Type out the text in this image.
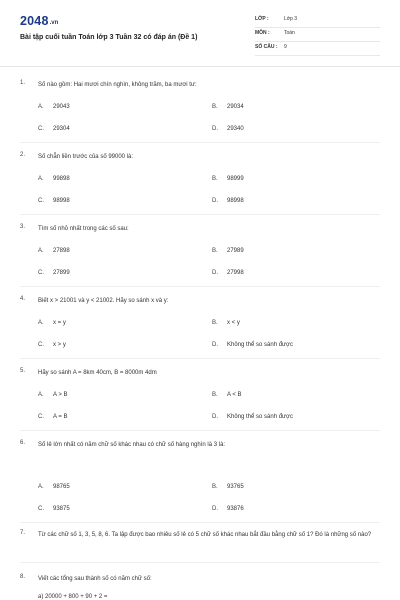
2048.vn
Bài tập cuối tuần Toán lớp 3 Tuần 32 có đáp án (Đề 1)
LỚP :	Lớp 3
MÔN :	Toán
SỐ CÂU : 9
1. Số nào gồm: Hai mươi chín nghìn, không trăm, ba mươi tư:
A. 29043	B. 29034
C. 29304	D. 29340
2. Số chẵn liền trước của số 99000 là:
A. 99898	B. 98999
C. 98998	D. 98998
3. Tìm số nhỏ nhất trong các số sau:
A. 27898	B. 27989
C. 27899	D. 27998
4. Biết x > 21001 và y < 21002. Hãy so sánh x và y:
A. x = y	B. x < y
C. x > y	D. Không thể so sánh được
5. Hãy so sánh A = 8km 40cm, B = 8000m 4dm
A. A > B	B. A < B
C. A = B	D. Không thể so sánh được
6. Số lẻ lớn nhất có năm chữ số khác nhau có chữ số hàng nghìn là 3 là:
A. 98765	B. 93765
C. 93875	D. 93876
7. Từ các chữ số 1, 3, 5, 8, 6. Ta lập được bao nhiêu số lẻ có 5 chữ số khác nhau bắt đầu bằng chữ số 1? Đó là những số nào?
8. Viết các tổng sau thành số có năm chữ số:
a) 20000 + 800 + 90 + 2 =
